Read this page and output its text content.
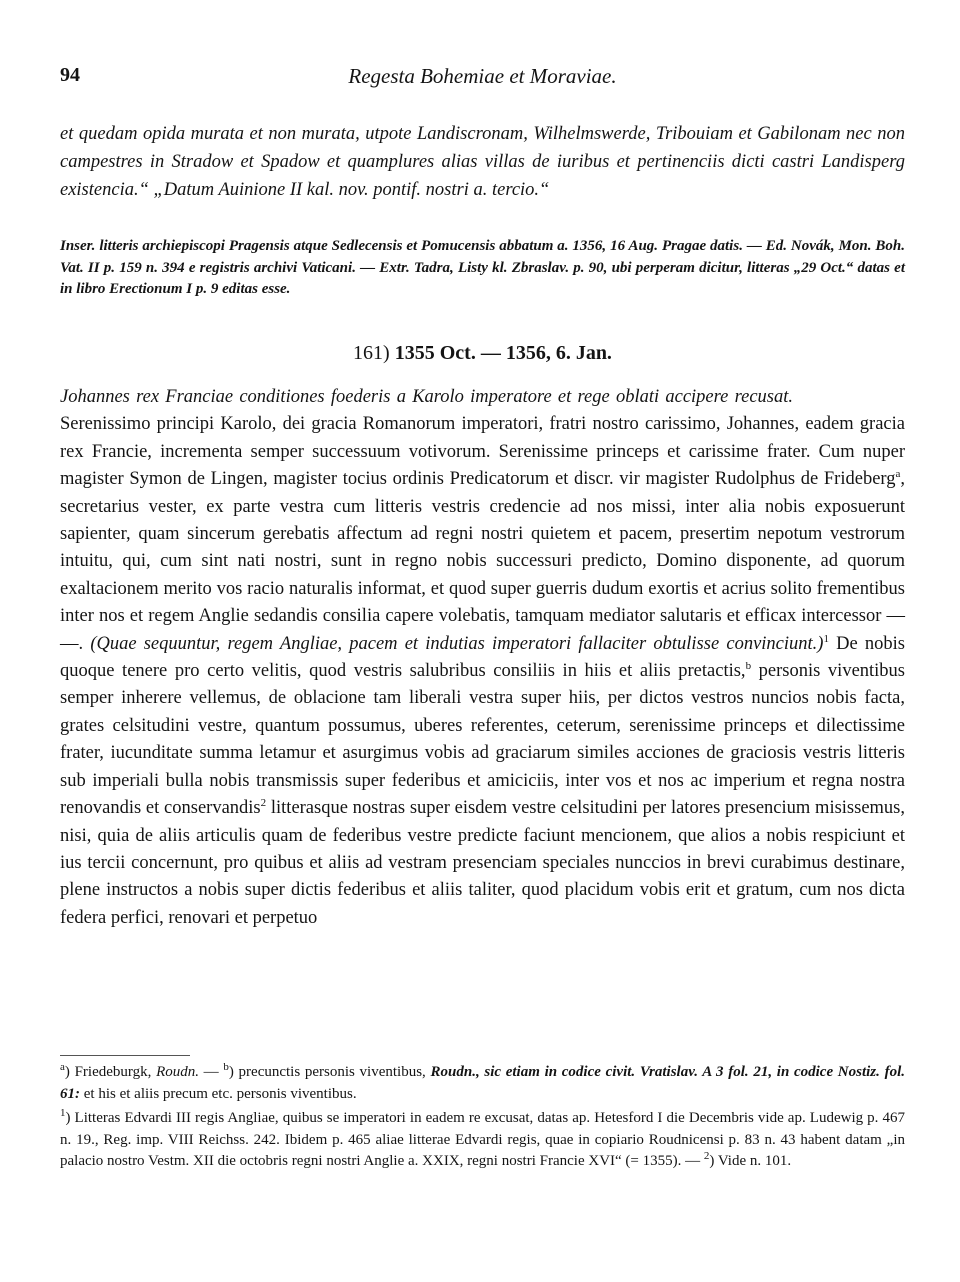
94	Regesta Bohemiae et Moraviae.
et quedam opida murata et non murata, utpote Landiscronam, Wilhelmswerde, Tribouiam et Gabilonam nec non campestres in Stradow et Spadow et quamplures alias villas de iuribus et pertinenciis dicti castri Landisperg existencia.“ „Datum Auinione II kal. nov. pontif. nostri a. tercio.“
Inser. litteris archiepiscopi Pragensis atque Sedlecensis et Pomucensis abbatum a. 1356, 16 Aug. Pragae datis. — Ed. Novák, Mon. Boh. Vat. II p. 159 n. 394 e registris archivi Vaticani. — Extr. Tadra, Listy kl. Zbraslav. p. 90, ubi perperam dicitur, litteras „29 Oct.“ datas et in libro Erectionum I p. 9 editas esse.
161) 1355 Oct. — 1356, 6. Jan.
Johannes rex Franciae conditiones foederis a Karolo imperatore et rege oblati accipere recusat.Serenissimo principi Karolo, dei gracia Romanorum imperatori, fratri nostro carissimo, Johannes, eadem gracia rex Francie, incrementa semper successuum votivorum. Serenissime princeps et carissime frater. Cum nuper magister Symon de Lingen, magister tocius ordinis Predicatorum et discr. vir magister Rudolphus de Frideberg$^a$, secretarius vester, ex parte vestra cum litteris vestris credencie ad nos missi, inter alia nobis exposuerunt sapienter, quam sincerum gerebatis affectum ad regni nostri quietem et pacem, presertim nepotum vestrorum intuitu, qui, cum sint nati nostri, sunt in regno nobis successuri predicto, Domino disponente, ad quorum exaltacionem merito vos racio naturalis informat, et quod super guerris dudum exortis et acrius solito frementibus inter nos et regem Anglie sedandis consilia capere volebatis, tamquam mediator salutaris et efficax intercessor — —. (Quae sequuntur, regem Angliae, pacem et indutias imperatori fallaciter obtulisse convinciunt.)$^1$ De nobis quoque tenere pro certo velitis, quod vestris salubribus consiliis in hiis et aliis pretactis,$^b$ personis viventibus semper inherere vellemus, de oblacione tam liberali vestra super hiis, per dictos vestros nuncios nobis facta, grates celsitudini vestre, quantum possumus, uberes referentes, ceterum, serenissime princeps et dilectissime frater, iucunditate summa letamur et asurgimus vobis ad graciarum similes acciones de graciosis vestris litteris sub imperiali bulla nobis transmissis super federibus et amiciciis, inter vos et nos ac imperium et regna nostra renovandis et conservandis$^2$ litterasque nostras super eisdem vestre celsitudini per latores presencium misissemus, nisi, quia de aliis articulis quam de federibus vestre predicte faciunt mencionem, que alios a nobis respiciunt et ius tercii concernunt, pro quibus et aliis ad vestram presenciam speciales nunccios in brevi curabimus destinare, plene instructos a nobis super dictis federibus et aliis taliter, quod placidum vobis erit et gratum, cum nos dicta federa perfici, renovari et perpetuo
$^a$) Friedeburgk, Roudn. — $^b$) precunctis personis viventibus, Roudn., sic etiam in codice civit. Vratislav. A 3 fol. 21, in codice Nostiz. fol. 61: et his et aliis precum etc. personis viventibus.
$^1$) Litteras Edvardi III regis Angliae, quibus se imperatori in eadem re excusat, datas ap. Hetesford I die Decembris vide ap. Ludewig p. 467 n. 19., Reg. imp. VIII Reichss. 242. Ibidem p. 465 aliae litterae Edvardi regis, quae in copiario Roudnicensi p. 83 n. 43 habent datam „in palacio nostro Vestm. XII die octobris regni nostri Anglie a. XXIX, regni nostri Francie XVI“ (= 1355). — $^2$) Vide n. 101.
